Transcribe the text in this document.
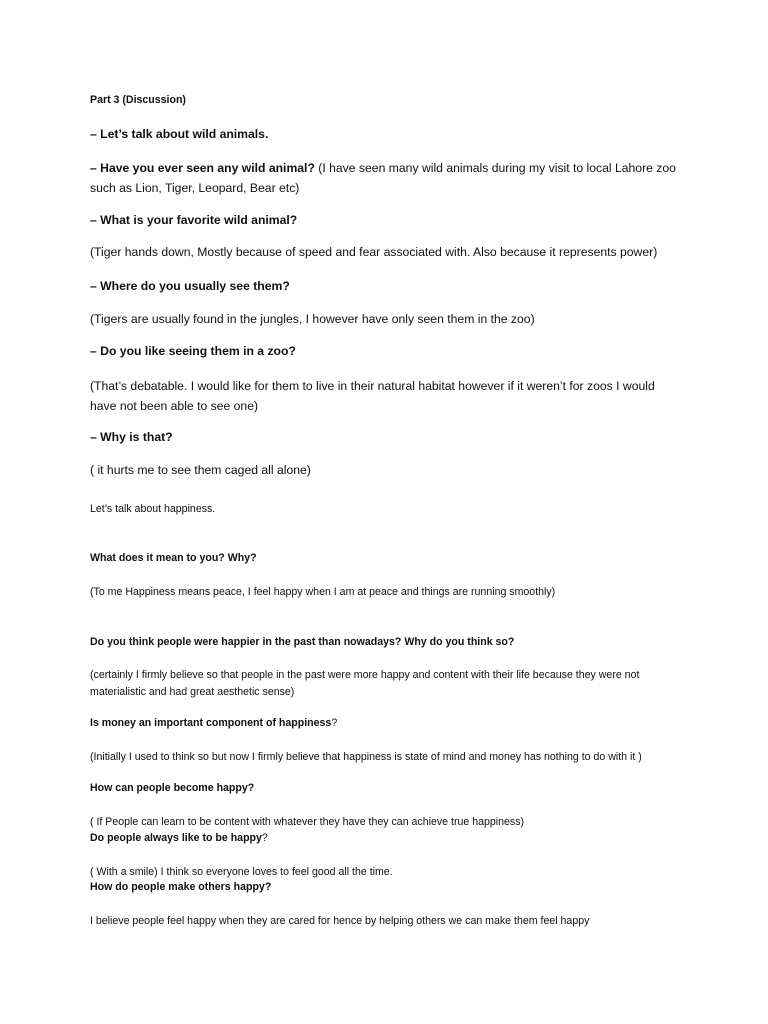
Part 3 (Discussion)

– Let’s talk about wild animals.

– Have you ever seen any wild animal? (I have seen many wild animals during my visit to local Lahore zoo such as Lion, Tiger, Leopard, Bear etc)

– What is your favorite wild animal?

(Tiger hands down, Mostly because of speed and fear associated with. Also because it represents power)

– Where do you usually see them?

(Tigers are usually found in the jungles, I however have only seen them in the zoo)

– Do you like seeing them in a zoo?

(That’s debatable. I would like for them to live in their natural habitat however if it weren’t for zoos I would have not been able to see one)

– Why is that?

( it hurts me to see them caged all alone)

Let’s talk about happiness.

What does it mean to you? Why?

(To me Happiness means peace, I feel happy when I am at peace and things are running smoothly)

Do you think people were happier in the past than nowadays? Why do you think so?

(certainly I firmly believe so that people in the past were more happy and content with their life because they were not materialistic and had great aesthetic sense)

Is money an important component of happiness?

(Initially I used to think so but now I firmly believe that happiness is state of mind and money has nothing to do with it )

How can people become happy?

( If People can learn to be content with whatever they have they can achieve true happiness)

Do people always like to be happy?

( With a smile) I think so everyone loves to feel good all the time.

How do people make others happy?

I believe people feel happy when they are cared for hence by helping others we can make them feel happy
